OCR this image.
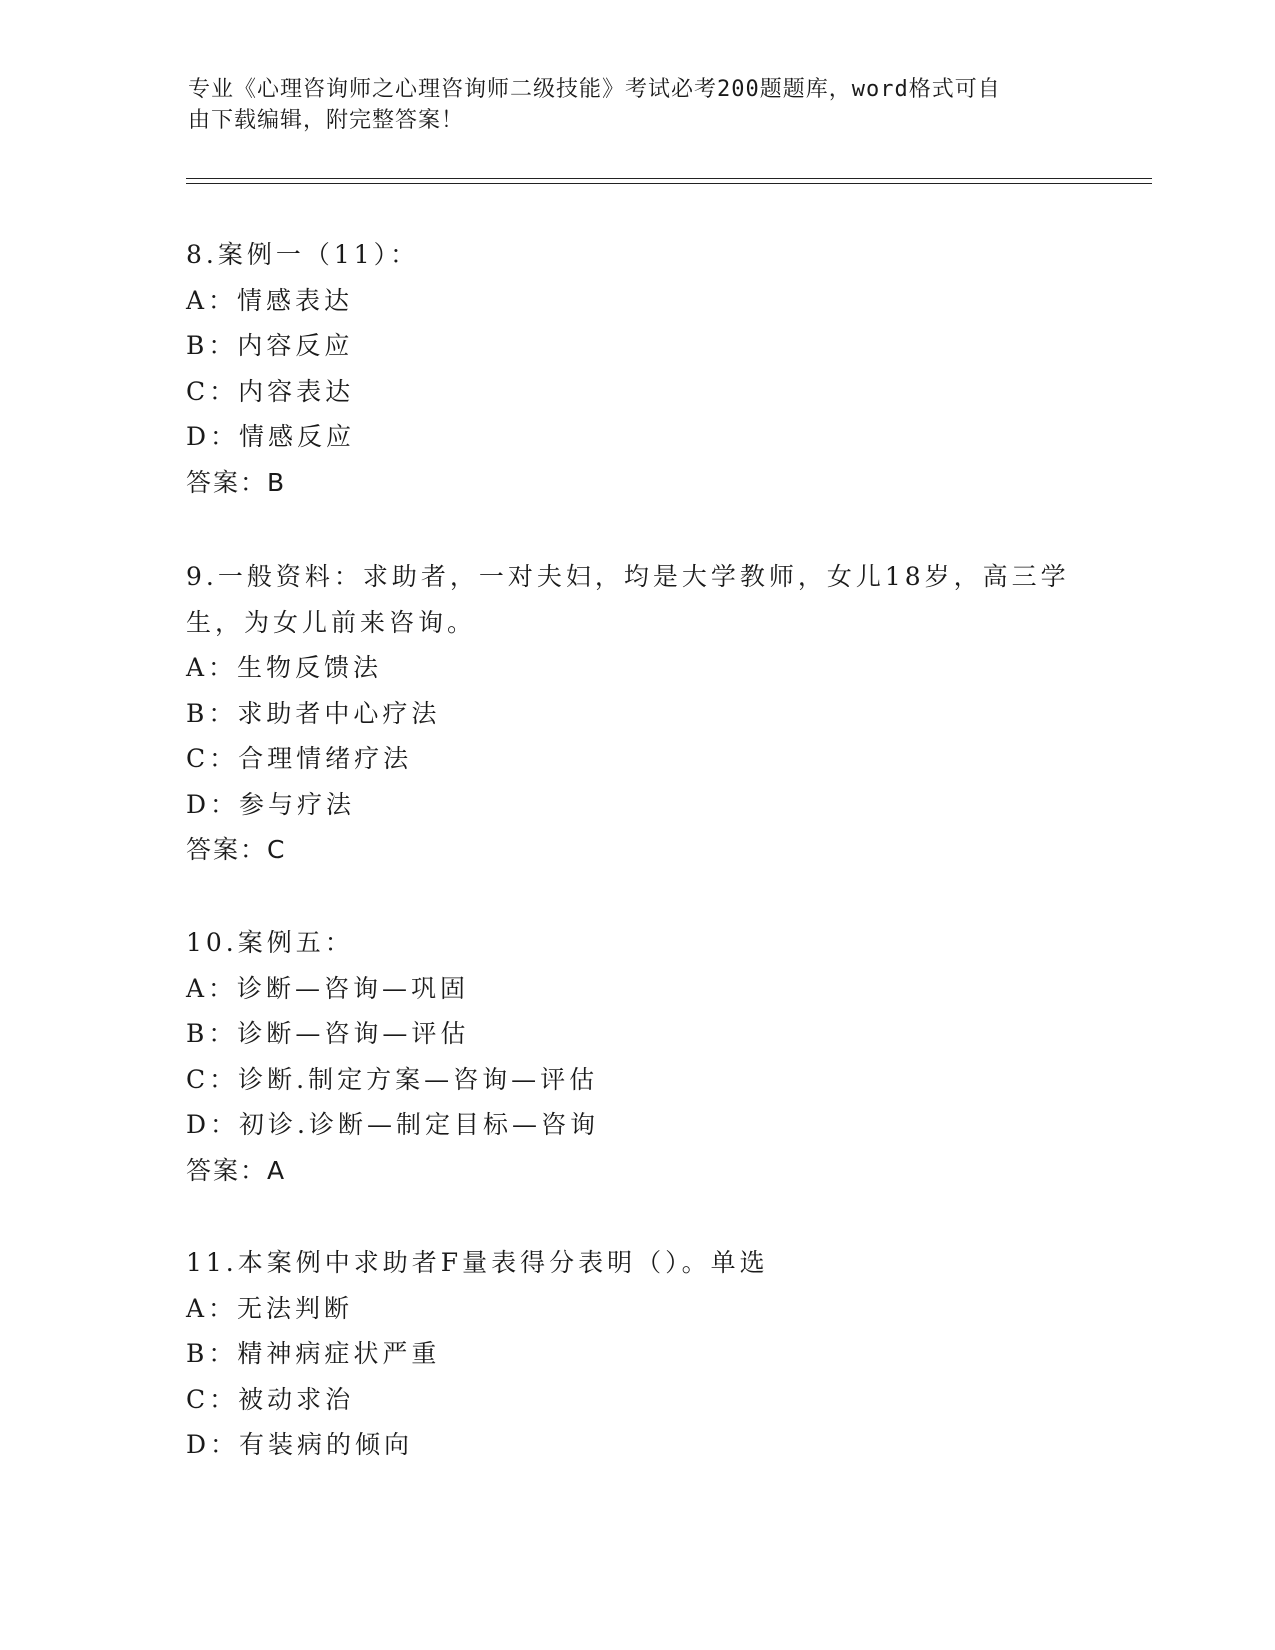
专业《心理咨询师之心理咨询师二级技能》考试必考200题题库，word格式可自
由下载编辑，附完整答案！
8.案例一（11）：
A：情感表达
B：内容反应
C：内容表达
D：情感反应
答案：B
9.一般资料：求助者，一对夫妇，均是大学教师，女儿18岁，高三学
生，为女儿前来咨询。
A：生物反馈法
B：求助者中心疗法
C：合理情绪疗法
D：参与疗法
答案：C
10.案例五：
A：诊断—咨询—巩固
B：诊断—咨询—评估
C：诊断.制定方案—咨询—评估
D：初诊.诊断—制定目标—咨询
答案：A
11.本案例中求助者F量表得分表明（）。单选
A：无法判断
B：精神病症状严重
C：被动求治
D：有装病的倾向
